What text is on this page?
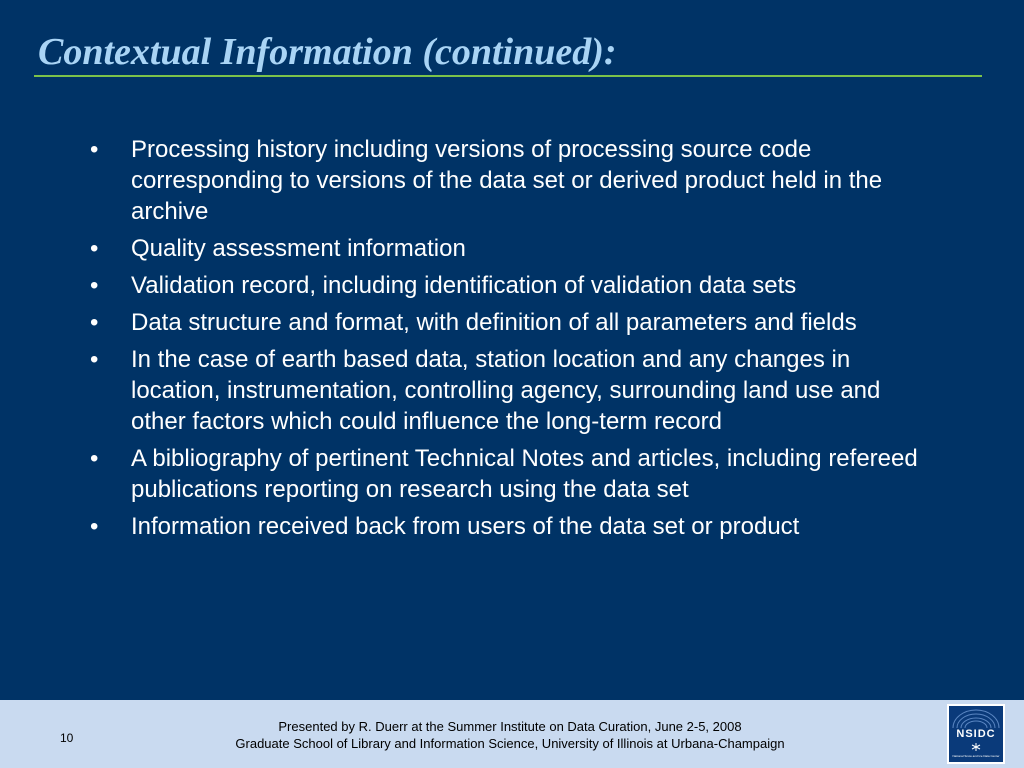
Contextual Information (continued):
•	Processing history including versions of processing source code corresponding to versions of the data set or derived product held in the archive
•	Quality assessment information
•	Validation record, including identification of validation data sets
•	Data structure and format, with definition of all parameters and fields
•	In the case of earth based data, station location and any changes in location, instrumentation, controlling agency, surrounding land use and other factors which could influence the long-term record
•	A bibliography of pertinent Technical Notes and articles, including refereed publications reporting on research using the data set
•	Information received back from users of the data set or product
10
Presented by R. Duerr at the Summer Institute on Data Curation, June 2-5, 2008
Graduate School of Library and Information Science, University of Illinois at Urbana-Champaign
NSIDC
National Snow and Ice Data Center
